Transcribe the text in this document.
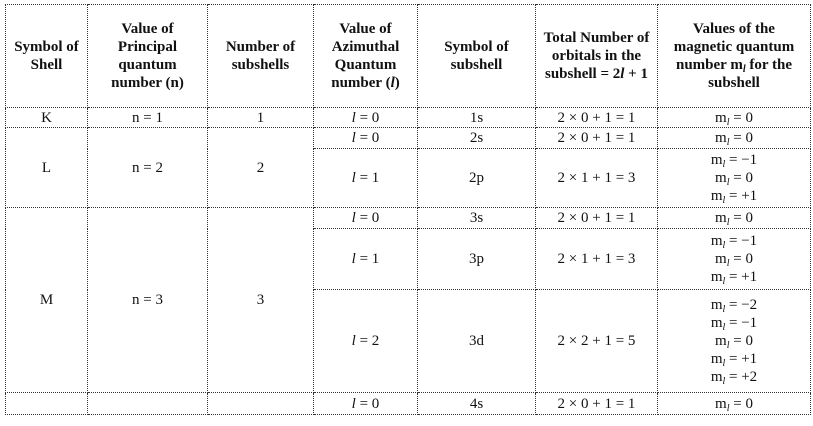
Symbol of Shell	Value of Principal quantum number (n)	Number of subshells	Value of Azimuthal Quantum number (l)	Symbol of subshell	Total Number of orbitals in the subshell = 2l + 1	Values of the magnetic quantum number $m_l$ for the subshell
K	n = 1	1	l = 0	1s	2 × 0 + 1 = 1	$m_l = 0$
L	n = 2	2	l = 0	2s	2 × 0 + 1 = 1	$m_l = 0$
			l = 1	2p	2 × 1 + 1 = 3	$m_l = -1$
$m_l = 0$
$m_l = +1$

M	n = 3	3	l = 0	3s	2 × 0 + 1 = 1	$m_l = 0$
			l = 1	3p	2 × 1 + 1 = 3	$m_l = -1$
$m_l = 0$
$m_l = +1$

			l = 2	3d	2 × 2 + 1 = 5	$m_l = -2$
$m_l = -1$
$m_l = 0$
$m_l = +1$
$m_l = +2$

			l = 0	4s	2 × 0 + 1 = 1	$m_l = 0$
